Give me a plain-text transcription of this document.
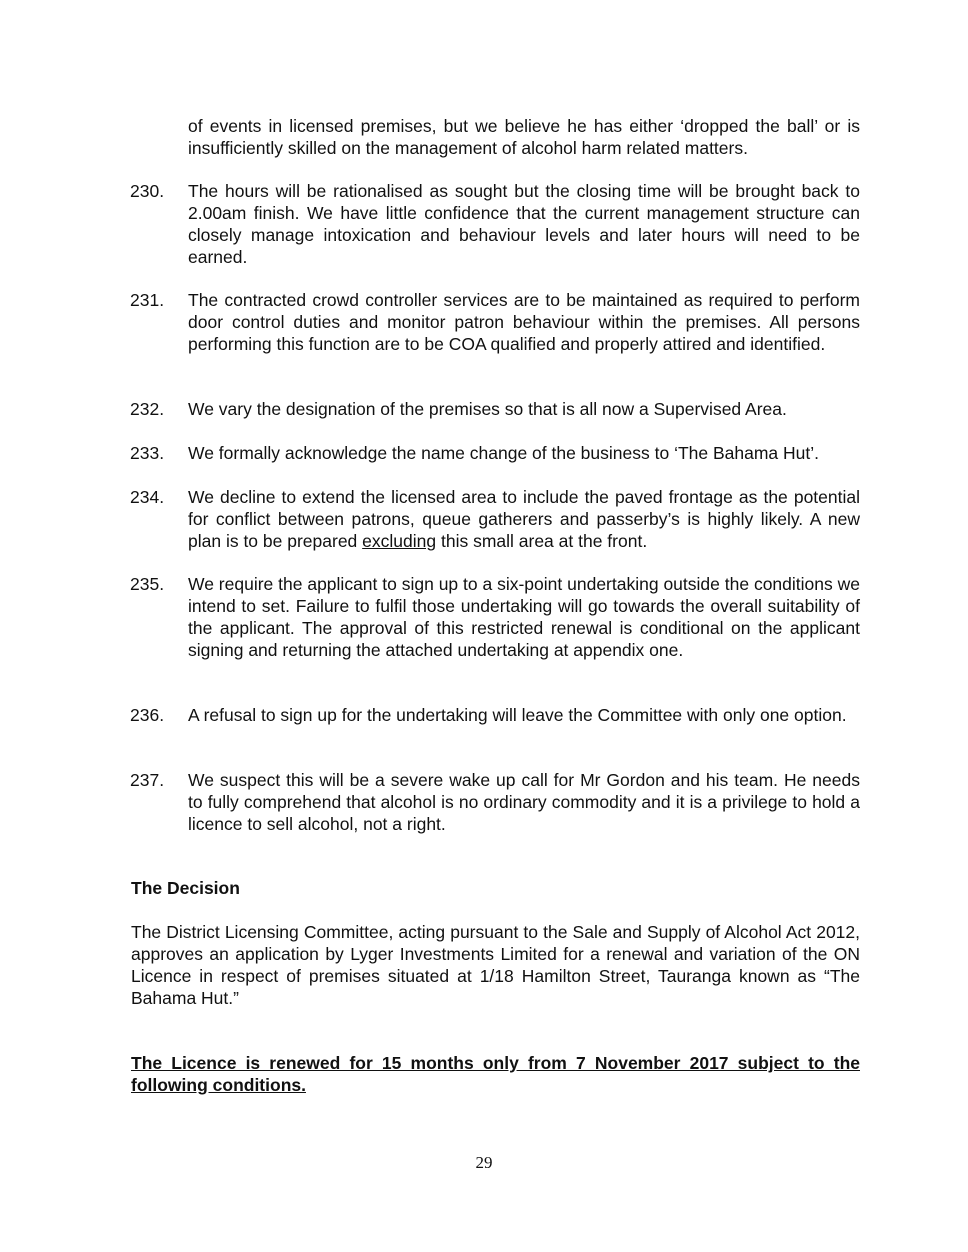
of events in licensed premises, but we believe he has either ‘dropped the ball’ or is insufficiently skilled on the management of alcohol harm related matters.
230.	The hours will be rationalised as sought but the closing time will be brought back to 2.00am finish. We have little confidence that the current management structure can closely manage intoxication and behaviour levels and later hours will need to be earned.
231.	The contracted crowd controller services are to be maintained as required to perform door control duties and monitor patron behaviour within the premises. All persons performing this function are to be COA qualified and properly attired and identified.
232.	We vary the designation of the premises so that is all now a Supervised Area.
233.	We formally acknowledge the name change of the business to ‘The Bahama Hut’.
234.	We decline to extend the licensed area to include the paved frontage as the potential for conflict between patrons, queue gatherers and passerby’s is highly likely. A new plan is to be prepared excluding this small area at the front.
235.	We require the applicant to sign up to a six-point undertaking outside the conditions we intend to set. Failure to fulfil those undertaking will go towards the overall suitability of the applicant. The approval of this restricted renewal is conditional on the applicant signing and returning the attached undertaking at appendix one.
236.	A refusal to sign up for the undertaking will leave the Committee with only one option.
237.	We suspect this will be a severe wake up call for Mr Gordon and his team. He needs to fully comprehend that alcohol is no ordinary commodity and it is a privilege to hold a licence to sell alcohol, not a right.
The Decision
The District Licensing Committee, acting pursuant to the Sale and Supply of Alcohol Act 2012, approves an application by Lyger Investments Limited for a renewal and variation of the ON Licence in respect of premises situated at 1/18 Hamilton Street, Tauranga known as “The Bahama Hut.”
The Licence is renewed for 15 months only from 7 November 2017 subject to the following conditions.
29
